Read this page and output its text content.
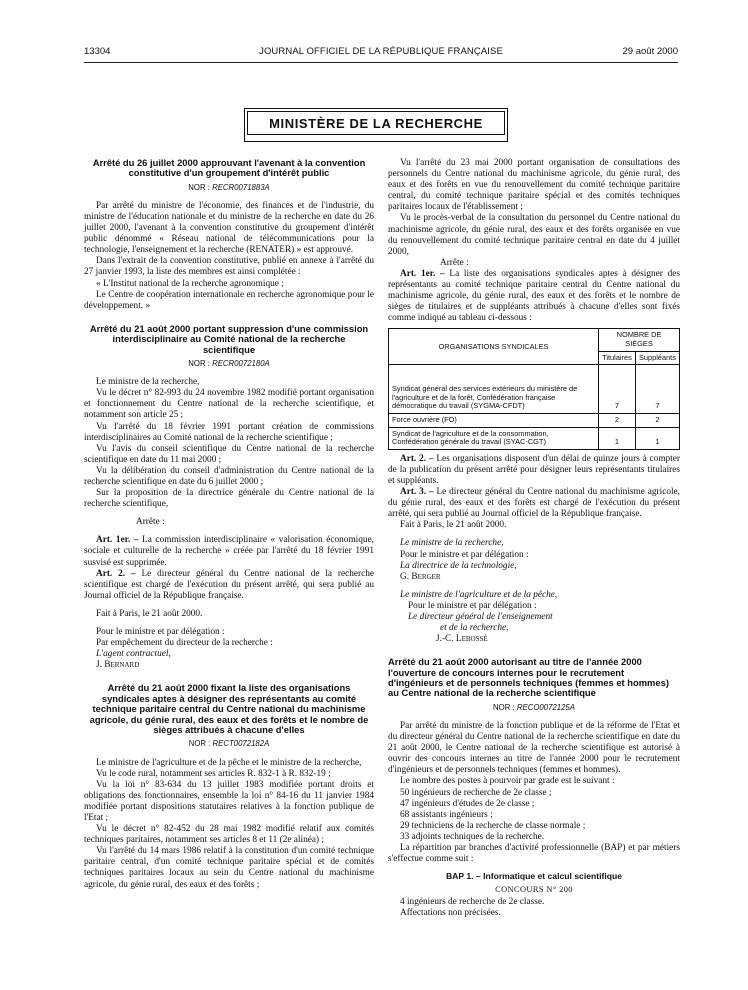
13304	JOURNAL OFFICIEL DE LA RÉPUBLIQUE FRANÇAISE	29 août 2000
MINISTÈRE DE LA RECHERCHE
Arrêté du 26 juillet 2000 approuvant l'avenant à la convention constitutive d'un groupement d'intérêt public
NOR : RECR0071883A

Par arrêté du ministre de l'économie, des finances et de l'industrie, du ministre de l'éducation nationale et du ministre de la recherche en date du 26 juillet 2000, l'avenant à la convention constitutive du groupement d'intérêt public dénommé « Réseau national de télécommunications pour la technologie, l'enseignement et la recherche (RENATER) » est approuvé.

Dans l'extrait de la convention constitutive, publié en annexe à l'arrêté du 27 janvier 1993, la liste des membres est ainsi complétée :

« L'Institut national de la recherche agronomique ;

Le Centre de coopération internationale en recherche agronomique pour le développement. »

Arrêté du 21 août 2000 portant suppression d'une commission interdisciplinaire au Comité national de la recherche scientifique
NOR : RECR0072180A

Le ministre de la recherche,

Vu le décret n° 82-993 du 24 novembre 1982 modifié portant organisation et fonctionnement du Centre national de la recherche scientifique, et notamment son article 25 ;

Vu l'arrêté du 18 février 1991 portant création de commissions interdisciplinaires au Comité national de la recherche scientifique ;

Vu l'avis du conseil scientifique du Centre national de la recherche scientifique en date du 11 mai 2000 ;

Vu la délibération du conseil d'administration du Centre national de la recherche scientifique en date du 6 juillet 2000 ;

Sur la proposition de la directrice générale du Centre national de la recherche scientifique,

Arrête :

Art. 1er. – La commission interdisciplinaire « valorisation économique, sociale et culturelle de la recherche » créée par l'arrêté du 18 février 1991 susvisé est supprimée.

Art. 2. – Le directeur général du Centre national de la recherche scientifique est chargé de l'exécution du présent arrêté, qui sera publié au Journal officiel de la République française.

Fait à Paris, le 21 août 2000.

Pour le ministre et par délégation :

Par empêchement du directeur de la recherche :

L'agent contractuel,

J. Bernard

Arrêté du 21 août 2000 fixant la liste des organisations syndicales aptes à désigner des représentants au comité technique paritaire central du Centre national du machinisme agricole, du génie rural, des eaux et des forêts et le nombre de sièges attribués à chacune d'elles
NOR : RECT0072182A

Le ministre de l'agriculture et de la pêche et le ministre de la recherche,

Vu le code rural, notamment ses articles R. 832-1 à R. 832-19 ;

Vu la loi n° 83-634 du 13 juillet 1983 modifiée portant droits et obligations des fonctionnaires, ensemble la loi n° 84-16 du 11 janvier 1984 modifiée portant dispositions statutaires relatives à la fonction publique de l'Etat ;

Vu le décret n° 82-452 du 28 mai 1982 modifié relatif aux comités techniques paritaires, notamment ses articles 8 et 11 (2e alinéa) ;

Vu l'arrêté du 14 mars 1986 relatif à la constitution d'un comité technique paritaire central, d'un comité technique paritaire spécial et de comités techniques paritaires locaux au sein du Centre national du machinisme agricole, du génie rural, des eaux et des forêts ;

Vu l'arrêté du 23 mai 2000 portant organisation de consultations des personnels du Centre national du machinisme agricole, du génie rural, des eaux et des forêts en vue du renouvellement du comité technique paritaire central, du comité technique paritaire spécial et des comités techniques paritaires locaux de l'établissement ;

Vu le procès-verbal de la consultation du personnel du Centre national du machinisme agricole, du génie rural, des eaux et des forêts organisée en vue du renouvellement du comité technique paritaire central en date du 4 juillet 2000,

Arrête :

Art. 1er. – La liste des organisations syndicales aptes à désigner des représentants au comité technique paritaire central du Centre national du machinisme agricole, du génie rural, des eaux et des forêts et le nombre de sièges de titulaires et de suppléants attribués à chacune d'elles sont fixés comme indiqué au tableau ci-dessous :

ORGANISATIONS SYNDICALES	NOMBRE DE SIÈGES	
	Titulaires	Suppléants
Syndicat général des services extérieurs du ministère de l'agriculture et de la forêt, Confédération française démocratique du travail (SYGMA-CFDT)	7	7
Force ouvrière (FO)	2	2
Syndicat de l'agriculture et de la consommation, Confédération générale du travail (SYAC-CGT)	1	1

Art. 2. – Les organisations disposent d'un délai de quinze jours à compter de la publication du présent arrêté pour désigner leurs représentants titulaires et suppléants.

Art. 3. – Le directeur général du Centre national du machinisme agricole, du génie rural, des eaux et des forêts est chargé de l'exécution du présent arrêté, qui sera publié au Journal officiel de la République française.

Fait à Paris, le 21 août 2000.

Le ministre de la recherche,

Pour le ministre et par délégation :

La directrice de la technologie,

G. Berger

Le ministre de l'agriculture et de la pêche,

Pour le ministre et par délégation :

Le directeur général de l'enseignement

et de la recherche,

J.-C. Lebossé

Arrêté du 21 août 2000 autorisant au titre de l'année 2000 l'ouverture de concours internes pour le recrutement d'ingénieurs et de personnels techniques (femmes et hommes) au Centre national de la recherche scientifique
NOR : RECO0072125A

Par arrêté du ministre de la fonction publique et de la réforme de l'Etat et du directeur général du Centre national de la recherche scientifique en date du 21 août 2000, le Centre national de la recherche scientifique est autorisé à ouvrir des concours internes au titre de l'année 2000 pour le recrutement d'ingénieurs et de personnels techniques (femmes et hommes).

Le nombre des postes à pourvoir par grade est le suivant :

50 ingénieurs de recherche de 2e classe ;

47 ingénieurs d'études de 2e classe ;

68 assistants ingénieurs ;

29 techniciens de la recherche de classe normale ;

33 adjoints techniques de la recherche.

La répartition par branches d'activité professionnelle (BAP) et par métiers s'effectue comme suit :

BAP 1. – Informatique et calcul scientifique
CONCOURS N° 200

4 ingénieurs de recherche de 2e classe.

Affectations non précisées.
